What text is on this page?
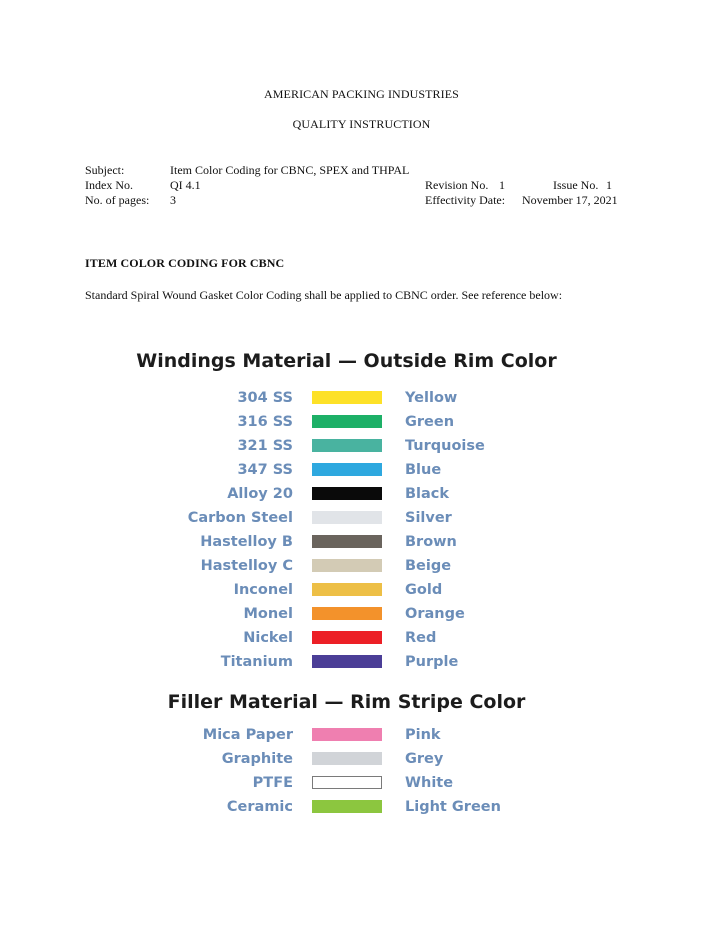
AMERICAN PACKING INDUSTRIES
QUALITY INSTRUCTION
Subject:	Item Color Coding for CBNC, SPEX and THPAL
Index No.	QI 4.1	Revision No. 1	Issue No. 1
No. of pages: 3	Effectivity Date: November 17, 2021
ITEM COLOR CODING FOR CBNC
Standard Spiral Wound Gasket Color Coding shall be applied to CBNC order. See reference below:
Windings Material — Outside Rim Color
304 SS	Yellow
316 SS	Green
321 SS	Turquoise
347 SS	Blue
Alloy 20	Black
Carbon Steel	Silver
Hastelloy B	Brown
Hastelloy C	Beige
Inconel	Gold
Monel	Orange
Nickel	Red
Titanium	Purple
Filler Material — Rim Stripe Color
Mica Paper	Pink
Graphite	Grey
PTFE	White
Ceramic	Light Green
